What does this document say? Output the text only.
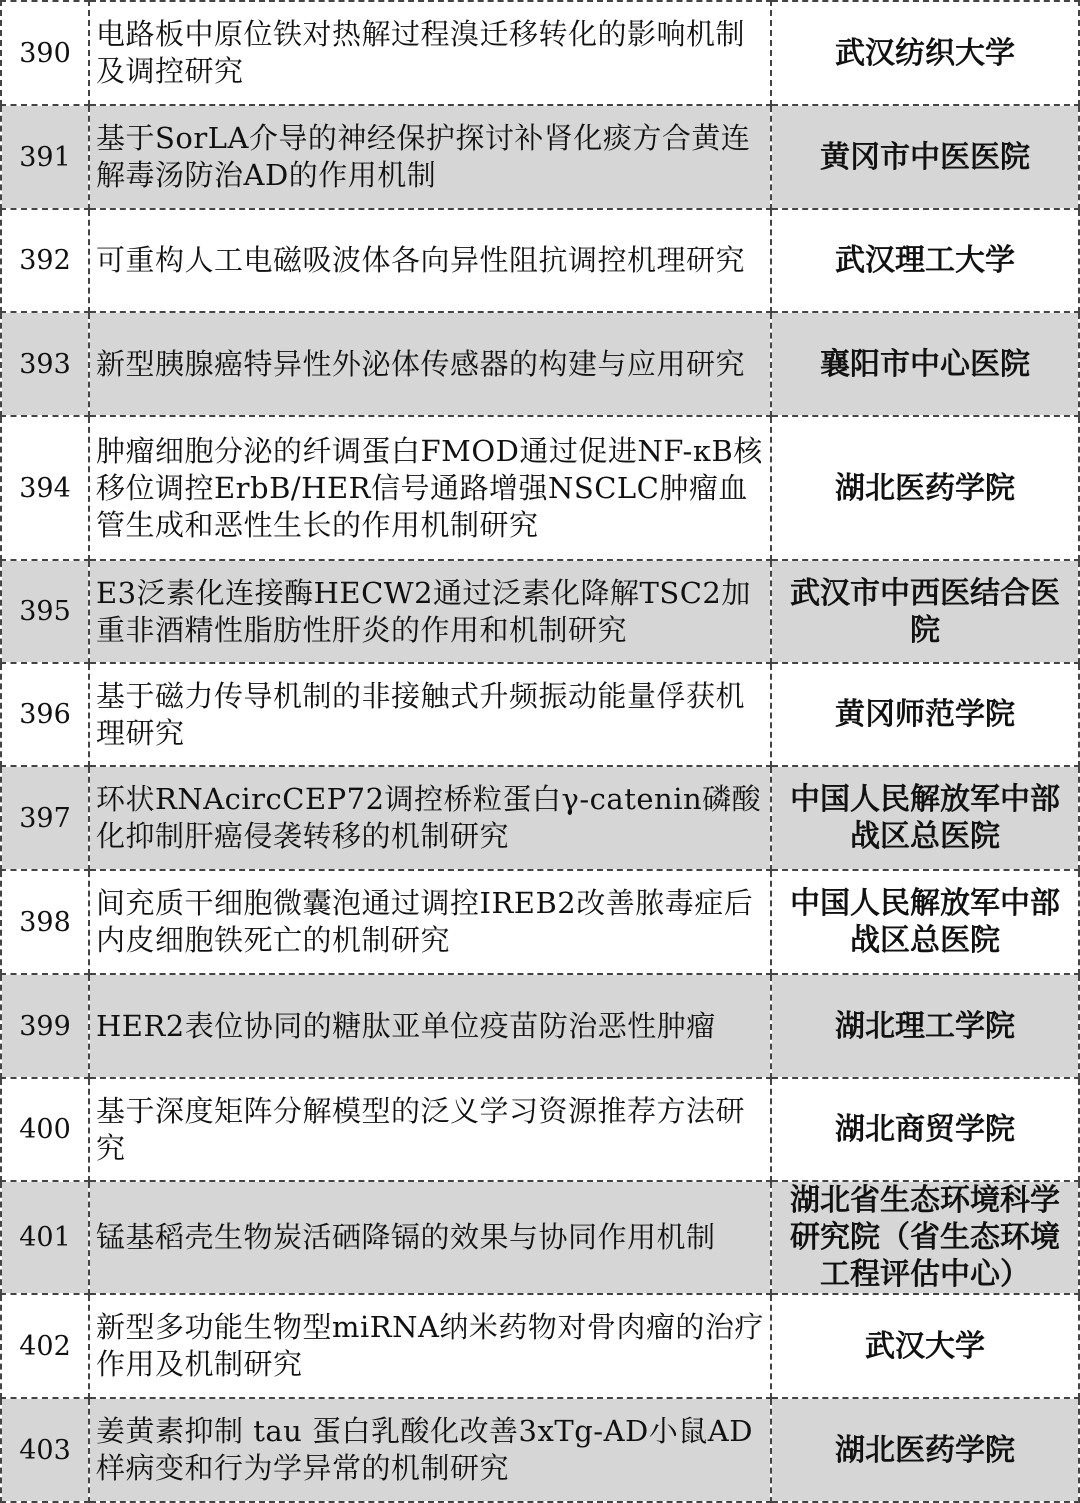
390	电路板中原位铁对热解过程溴迁移转化的影响机制及调控研究	武汉纺织大学
391	基于SorLA介导的神经保护探讨补肾化痰方合黄连解毒汤防治AD的作用机制	黄冈市中医医院
392	可重构人工电磁吸波体各向异性阻抗调控机理研究	武汉理工大学
393	新型胰腺癌特异性外泌体传感器的构建与应用研究	襄阳市中心医院
394	肿瘤细胞分泌的纤调蛋白FMOD通过促进NF-κB核移位调控ErbB/HER信号通路增强NSCLC肿瘤血管生成和恶性生长的作用机制研究	湖北医药学院
395	E3泛素化连接酶HECW2通过泛素化降解TSC2加重非酒精性脂肪性肝炎的作用和机制研究	武汉市中西医结合医院
396	基于磁力传导机制的非接触式升频振动能量俘获机理研究	黄冈师范学院
397	环状RNAcircCEP72调控桥粒蛋白γ-catenin磷酸化抑制肝癌侵袭转移的机制研究	中国人民解放军中部战区总医院
398	间充质干细胞微囊泡通过调控IREB2改善脓毒症后内皮细胞铁死亡的机制研究	中国人民解放军中部战区总医院
399	HER2表位协同的糖肽亚单位疫苗防治恶性肿瘤	湖北理工学院
400	基于深度矩阵分解模型的泛义学习资源推荐方法研究	湖北商贸学院
401	锰基稻壳生物炭活硒降镉的效果与协同作用机制	湖北省生态环境科学研究院（省生态环境工程评估中心）
402	新型多功能生物型miRNA纳米药物对骨肉瘤的治疗作用及机制研究	武汉大学
403	姜黄素抑制 tau 蛋白乳酸化改善3xTg-AD小鼠AD样病变和行为学异常的机制研究	湖北医药学院
